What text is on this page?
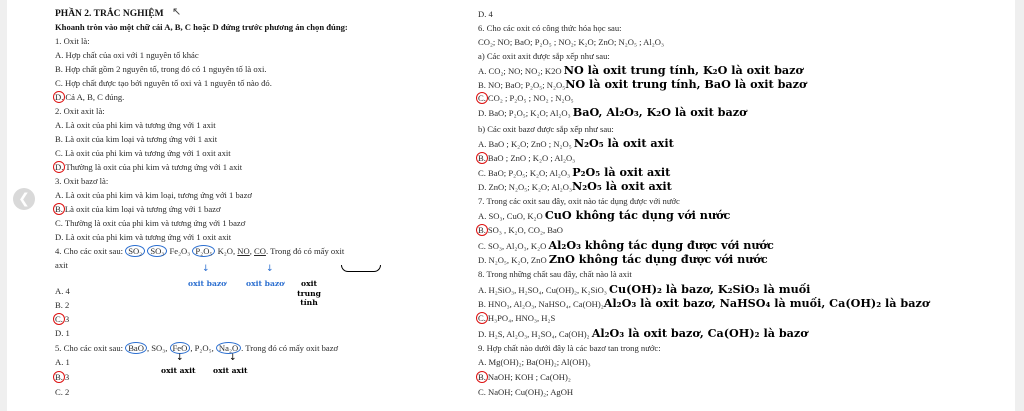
❮
↖
PHẦN 2. TRẮC NGHIỆM
Khoanh tròn vào một chữ cái A, B, C hoặc D đứng trước phương án chọn đúng:
1. Oxit là:
A. Hợp chất của oxi với 1 nguyên tố khác
B. Hợp chất gồm 2 nguyên tố, trong đó có 1 nguyên tố là oxi.
C. Hợp chất được tạo bởi nguyên tố oxi và 1 nguyên tố nào đó.
D. Cả A, B, C đúng.
2. Oxit axit là:
A. Là oxit của phi kim và tương ứng với 1 axit
B. Là oxit của kim loại và tương ứng với 1 axit
C. Là oxit của phi kim và tương ứng với 1 oxit axit
D. Thường là oxit của phi kim và tương ứng với 1 axit
3. Oxit bazơ là:
A. Là oxit của phi kim và kim loại, tương ứng với 1 bazơ
B. Là oxit của kim loại và tương ứng với 1 bazơ
C. Thường là oxit của phi kim và tương ứng với 1 bazơ
D. Là oxit của phi kim và tương ứng với 1 oxit axit
4. Cho các oxit sau: SO₂ SO₃ Fe₂O₃ P₂O₅ K₂O, NO, CO. Trong đó có mấy oxit
axit	↓	↓
oxit bazơ	oxit bazơ	oxit trung tính
A. 4
B. 2
C. 3
D. 1
5. Cho các oxit sau: BaO , SO₃, FeO , P₂O₅, Na₂O . Trong đó có mấy oxit bazơ
A. 1	↓	↓
oxit axit oxit axit
B. 3
C. 2
D. 4
6. Cho các oxit có công thức hóa học sau:
CO₂; NO; BaO; P₂O₅ ; NO₂; K₂O; ZnO; N₂O₅ ; Al₂O₃
a) Các oxit axit được sắp xếp như sau:
A. CO₂; NO; NO₂; K2O NO là oxit trung tính, K₂O là oxit bazơ
B. NO; BaO; P₂O₅; N₂O₅NO là oxit trung tính, BaO là oxit bazơ
C. CO₂ ; P₂O₅ ; NO₂ ; N₂O₅
D. BaO; P₂O₅; K₂O; Al₂O₃ BaO, Al₂O₃, K₂O là oxit bazơ
b) Các oxit bazơ được sắp xếp như sau:
A. BaO ; K₂O; ZnO ; N₂O₅ N₂O₅ là oxit axit
B. BaO ; ZnO ; K₂O ; Al₂O₃
C. BaO; P₂O₅; K₂O; Al₂O₃ P₂O₅ là oxit axit
D. ZnO; N₂O₅; K₂O; Al₂O₃N₂O₅ là oxit axit
7. Trong các oxit sau đây, oxit nào tác dụng được với nước
A. SO₃, CuO, K₂O CuO không tác dụng với nước
B. SO₃ , K₂O, CO₂, BaO
C. SO₃, Al₂O₃, K₂O Al₂O₃ không tác dụng được với nước
D. N₂O₅, K₂O, ZnO ZnO không tác dụng được với nước
8. Trong những chất sau đây, chất nào là axit
A. H₂SiO₃, H₂SO₄, Cu(OH)₂, K₂SiO₃ Cu(OH)₂ là bazơ, K₂SiO₃ là muối
B. HNO₃, Al₂O₃, NaHSO₄, Ca(OH)₂Al₂O₃ là oxit bazơ, NaHSO₄ là muối, Ca(OH)₂ là bazơ
C. H₃PO₄, HNO₃, H₂S
D. H₂S, Al₂O₃, H₂SO₄, Ca(OH)₂ Al₂O₃ là oxit bazơ, Ca(OH)₂ là bazơ
9. Hợp chất nào dưới đây là các bazơ tan trong nước:
A. Mg(OH)₂; Ba(OH)₂; Al(OH)₃
B. NaOH; KOH ; Ca(OH)₂
C. NaOH; Cu(OH)₂; AgOH
